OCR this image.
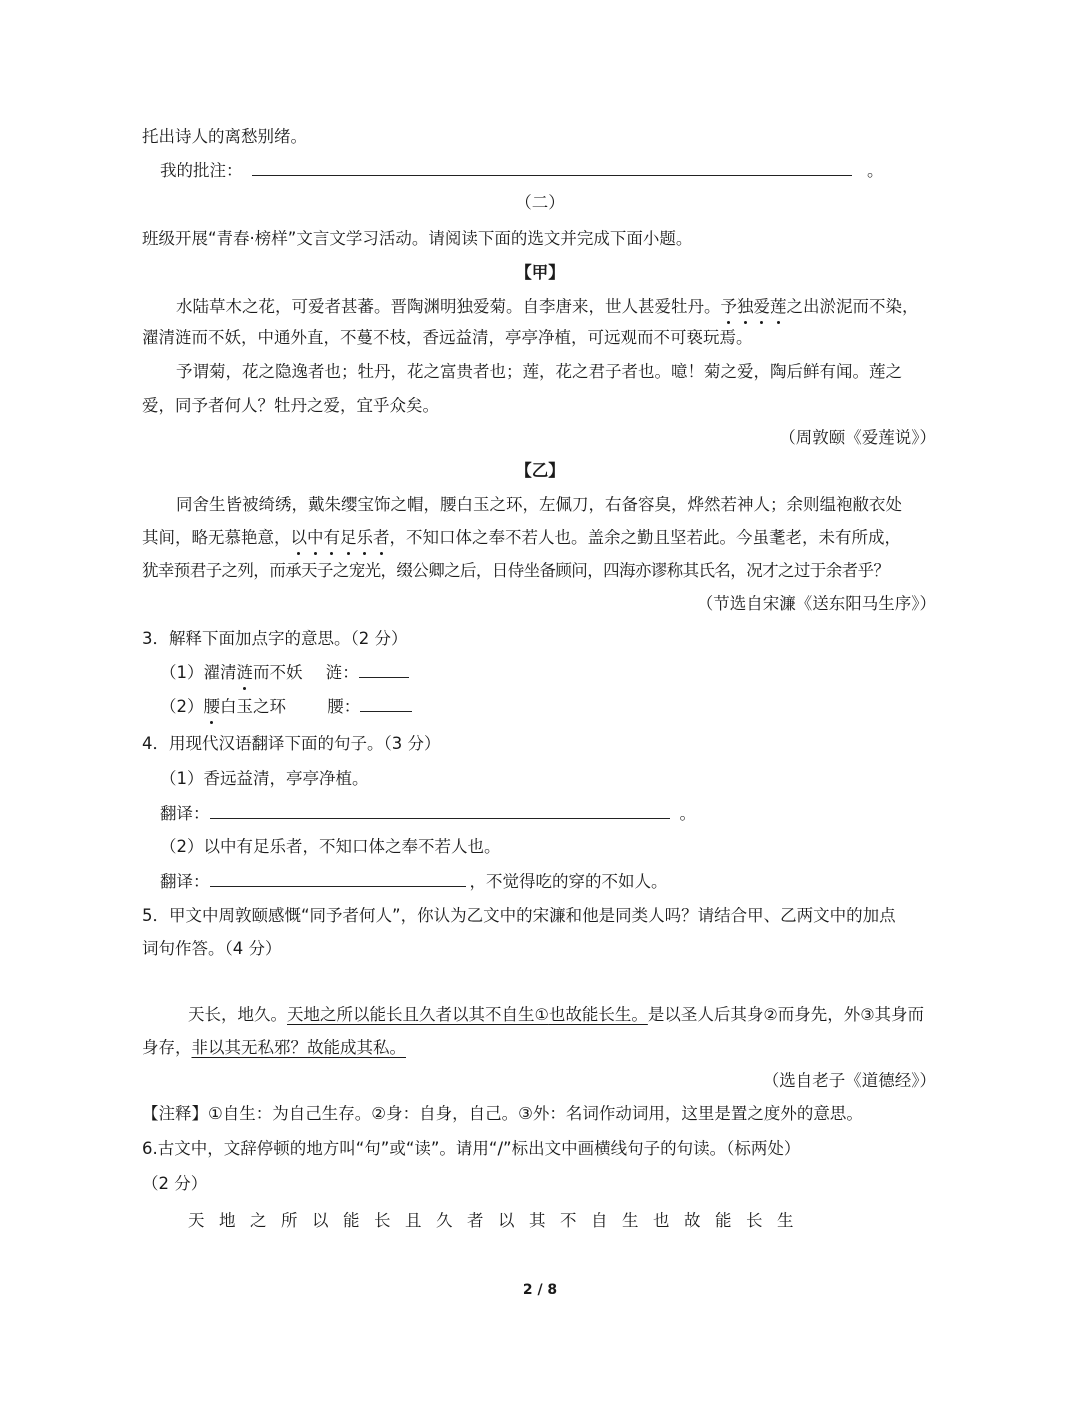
托出诗人的离愁别绪。
我的批注：	。
（二）
班级开展“青春·榜样”文言文学习活动。请阅读下面的选文并完成下面小题。
【甲】
水陆草木之花，可爱者甚蕃。晋陶渊明独爱菊。自李唐来，世人甚爱牡丹。予独爱莲之出淤泥而不染，
濯清涟而不妖，中通外直，不蔓不枝，香远益清，亭亭净植，可远观而不可亵玩焉。
予谓菊，花之隐逸者也；牡丹，花之富贵者也；莲，花之君子者也。噫！菊之爱，陶后鲜有闻。莲之
爱，同予者何人？牡丹之爱，宜乎众矣。
（周敦颐《爱莲说》）
【乙】
同舍生皆被绮绣，戴朱缨宝饰之帽，腰白玉之环，左佩刀，右备容臭，烨然若神人；余则缊袍敝衣处
其间，略无慕艳意，以中有足乐者，不知口体之奉不若人也。盖余之勤且坚若此。今虽耄老，未有所成，
犹幸预君子之列，而承天子之宠光，缀公卿之后，日侍坐备顾问，四海亦谬称其氏名，况才之过于余者乎？
（节选自宋濂《送东阳马生序》）
3．解释下面加点字的意思。（2 分）
（1）濯清涟而不妖 涟：
（2）腰白玉之环	腰：
4．用现代汉语翻译下面的句子。（3 分）
（1）香远益清，亭亭净植。
翻译：	。
（2）以中有足乐者，不知口体之奉不若人也。
翻译：	，不觉得吃的穿的不如人。
5．甲文中周敦颐感慨“同予者何人”，你认为乙文中的宋濂和他是同类人吗？请结合甲、乙两文中的加点
词句作答。（4 分）
天长，地久。天地之所以能长且久者以其不自生①也故能长生。是以圣人后其身②而身先，外③其身而
身存，非以其无私邪？故能成其私。
（选自老子《道德经》）
【注释】①自生：为自己生存。②身：自身，自己。③外：名词作动词用，这里是置之度外的意思。
6.古文中，文辞停顿的地方叫“句”或“读”。请用“/”标出文中画横线句子的句读。（标两处）
（2 分）
天地之所以能长且久者以其不自生也故能长生
2 / 8
